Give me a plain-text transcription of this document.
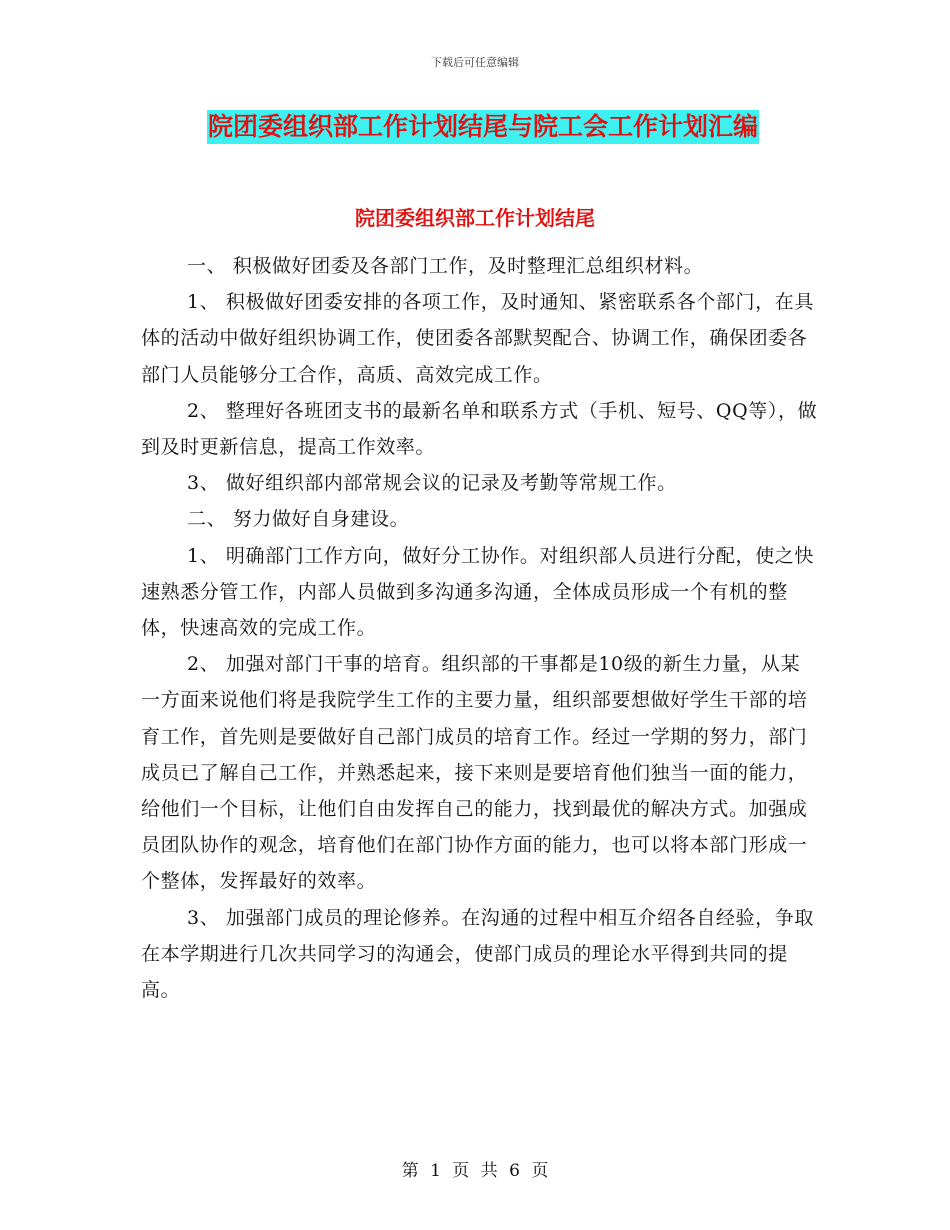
下载后可任意编辑
院团委组织部工作计划结尾与院工会工作计划汇编
院团委组织部工作计划结尾

一、 积极做好团委及各部门工作，及时整理汇总组织材料。

1、 积极做好团委安排的各项工作，及时通知、紧密联系各个部门，在具体的活动中做好组织协调工作，使团委各部默契配合、协调工作，确保团委各部门人员能够分工合作，高质、高效完成工作。

2、 整理好各班团支书的最新名单和联系方式（手机、短号、QQ等），做到及时更新信息，提高工作效率。

3、 做好组织部内部常规会议的记录及考勤等常规工作。

二、 努力做好自身建设。

1、 明确部门工作方向，做好分工协作。对组织部人员进行分配，使之快速熟悉分管工作，内部人员做到多沟通多沟通，全体成员形成一个有机的整体，快速高效的完成工作。

2、 加强对部门干事的培育。组织部的干事都是10级的新生力量，从某一方面来说他们将是我院学生工作的主要力量，组织部要想做好学生干部的培育工作，首先则是要做好自己部门成员的培育工作。经过一学期的努力，部门成员已了解自己工作，并熟悉起来，接下来则是要培育他们独当一面的能力，给他们一个目标，让他们自由发挥自己的能力，找到最优的解决方式。加强成员团队协作的观念，培育他们在部门协作方面的能力，也可以将本部门形成一个整体，发挥最好的效率。

3、 加强部门成员的理论修养。在沟通的过程中相互介绍各自经验，争取在本学期进行几次共同学习的沟通会，使部门成员的理论水平得到共同的提高。

第 1 页 共 6 页
